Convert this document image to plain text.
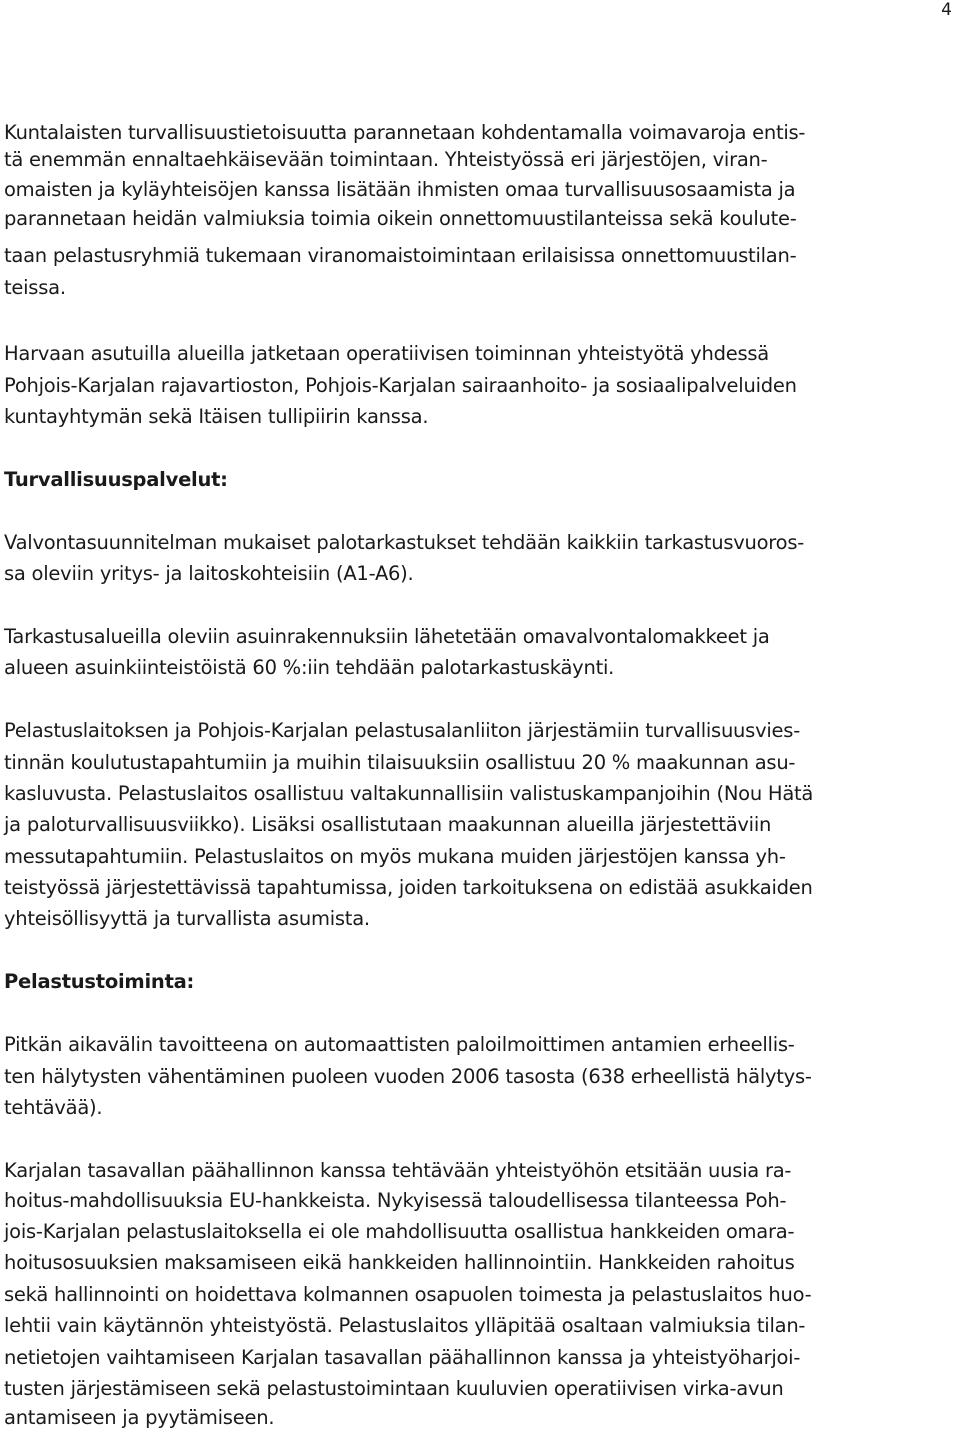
4
Kuntalaisten turvallisuustietoisuutta parannetaan kohdentamalla voimavaroja entis-
tä enemmän ennaltaehkäisevään toimintaan. Yhteistyössä eri järjestöjen, viran-
omaisten ja kyläyhteisöjen kanssa lisätään ihmisten omaa turvallisuusosaamista ja
parannetaan heidän valmiuksia toimia oikein onnettomuustilanteissa sekä koulute-
taan pelastusryhmiä tukemaan viranomaistoimintaan erilaisissa onnettomuustilan-
teissa.
Harvaan asutuilla alueilla jatketaan operatiivisen toiminnan yhteistyötä yhdessä
Pohjois-Karjalan rajavartioston, Pohjois-Karjalan sairaanhoito- ja sosiaalipalveluiden
kuntayhtymän sekä Itäisen tullipiirin kanssa.
Turvallisuuspalvelut:
Valvontasuunnitelman mukaiset palotarkastukset tehdään kaikkiin tarkastusvuoros-
sa oleviin yritys- ja laitoskohteisiin (A1-A6).
Tarkastusalueilla oleviin asuinrakennuksiin lähetetään omavalvontalomakkeet ja
alueen asuinkiinteistöistä 60 %:iin tehdään palotarkastuskäynti.
Pelastuslaitoksen ja Pohjois-Karjalan pelastusalanliiton järjestämiin turvallisuusvies-
tinnän koulutustapahtumiin ja muihin tilaisuuksiin osallistuu 20 % maakunnan asu-
kasluvusta. Pelastuslaitos osallistuu valtakunnallisiin valistuskampanjoihin (Nou Hätä
ja paloturvallisuusviikko). Lisäksi osallistutaan maakunnan alueilla järjestettäviin
messutapahtumiin. Pelastuslaitos on myös mukana muiden järjestöjen kanssa yh-
teistyössä järjestettävissä tapahtumissa, joiden tarkoituksena on edistää asukkaiden
yhteisöllisyyttä ja turvallista asumista.
Pelastustoiminta:
Pitkän aikavälin tavoitteena on automaattisten paloilmoittimen antamien erheellis-
ten hälytysten vähentäminen puoleen vuoden 2006 tasosta (638 erheellistä hälytys-
tehtävää).
Karjalan tasavallan päähallinnon kanssa tehtävään yhteistyöhön etsitään uusia ra-
hoitus-mahdollisuuksia EU-hankkeista. Nykyisessä taloudellisessa tilanteessa Poh-
jois-Karjalan pelastuslaitoksella ei ole mahdollisuutta osallistua hankkeiden omara-
hoitusosuuksien maksamiseen eikä hankkeiden hallinnointiin. Hankkeiden rahoitus
sekä hallinnointi on hoidettava kolmannen osapuolen toimesta ja pelastuslaitos huo-
lehtii vain käytännön yhteistyöstä. Pelastuslaitos ylläpitää osaltaan valmiuksia tilan-
netietojen vaihtamiseen Karjalan tasavallan päähallinnon kanssa ja yhteistyöharjoi-
tusten järjestämiseen sekä pelastustoimintaan kuuluvien operatiivisen virka-avun
antamiseen ja pyytämiseen.
